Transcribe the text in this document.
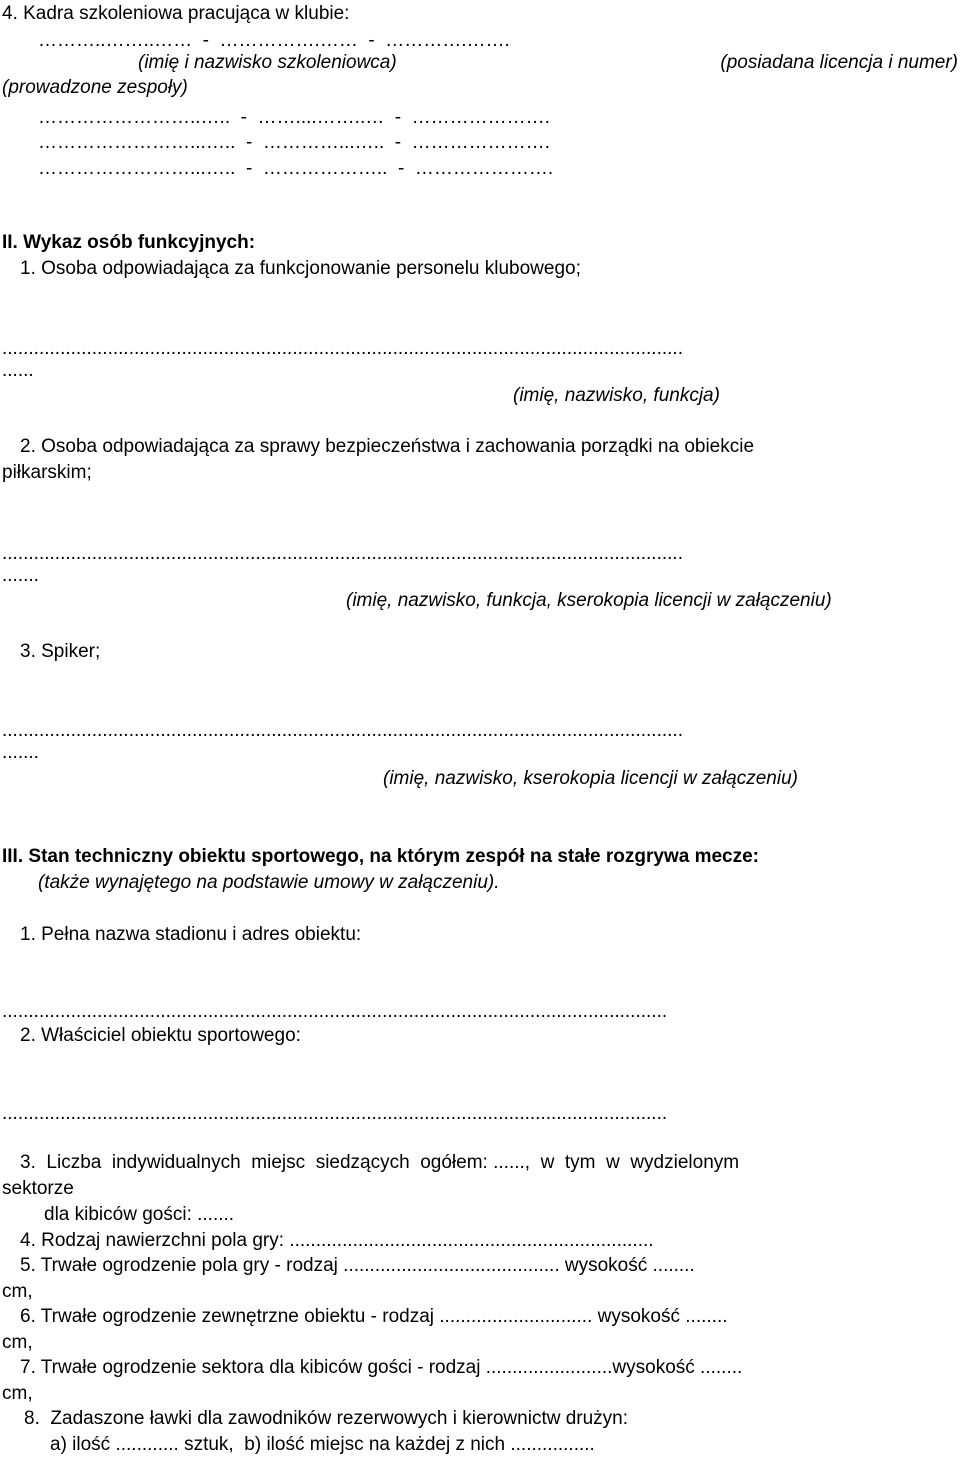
4. Kadra szkoleniowa pracująca w klubie:
………..……..……  -  …………….……  -  ………….…….
(imię i nazwisko szkoleniowca)	(posiadana licencja i numer)
(prowadzone zespoły)
……………………..…..  -  ……....……..…  -  ………………….
……………………...…..  -  …………...…..  -  ………………….
……………………...…..  -  ………………..  -  ………………….
II. Wykaz osób funkcyjnych:
1. Osoba odpowiadająca za funkcjonowanie personelu klubowego;
.................................................................................................................................
......
(imię, nazwisko, funkcja)
2. Osoba odpowiadająca za sprawy bezpieczeństwa i zachowania porządki na obiekcie
piłkarskim;
.................................................................................................................................
.......
(imię, nazwisko, funkcja, kserokopia licencji w załączeniu)
3. Spiker;
.................................................................................................................................
.......
(imię, nazwisko, kserokopia licencji w załączeniu)
III. Stan techniczny obiektu sportowego, na którym zespół na stałe rozgrywa mecze:
(także wynajętego na podstawie umowy w załączeniu).
1. Pełna nazwa stadionu i adres obiektu:
..............................................................................................................................
2. Właściciel obiektu sportowego:
..............................................................................................................................
3.  Liczba  indywidualnych  miejsc  siedzących  ogółem: ......,  w  tym  w  wydzielonym
sektorze
dla kibiców gości: .......
4. Rodzaj nawierzchni pola gry: .....................................................................
5. Trwałe ogrodzenie pola gry - rodzaj ......................................... wysokość ........
cm,
6. Trwałe ogrodzenie zewnętrzne obiektu - rodzaj ............................. wysokość ........
cm,
7. Trwałe ogrodzenie sektora dla kibiców gości - rodzaj ........................wysokość ........
cm,
8.  Zadaszone ławki dla zawodników rezerwowych i kierownictw drużyn:
a) ilość ............ sztuk,  b) ilość miejsc na każdej z nich ................
